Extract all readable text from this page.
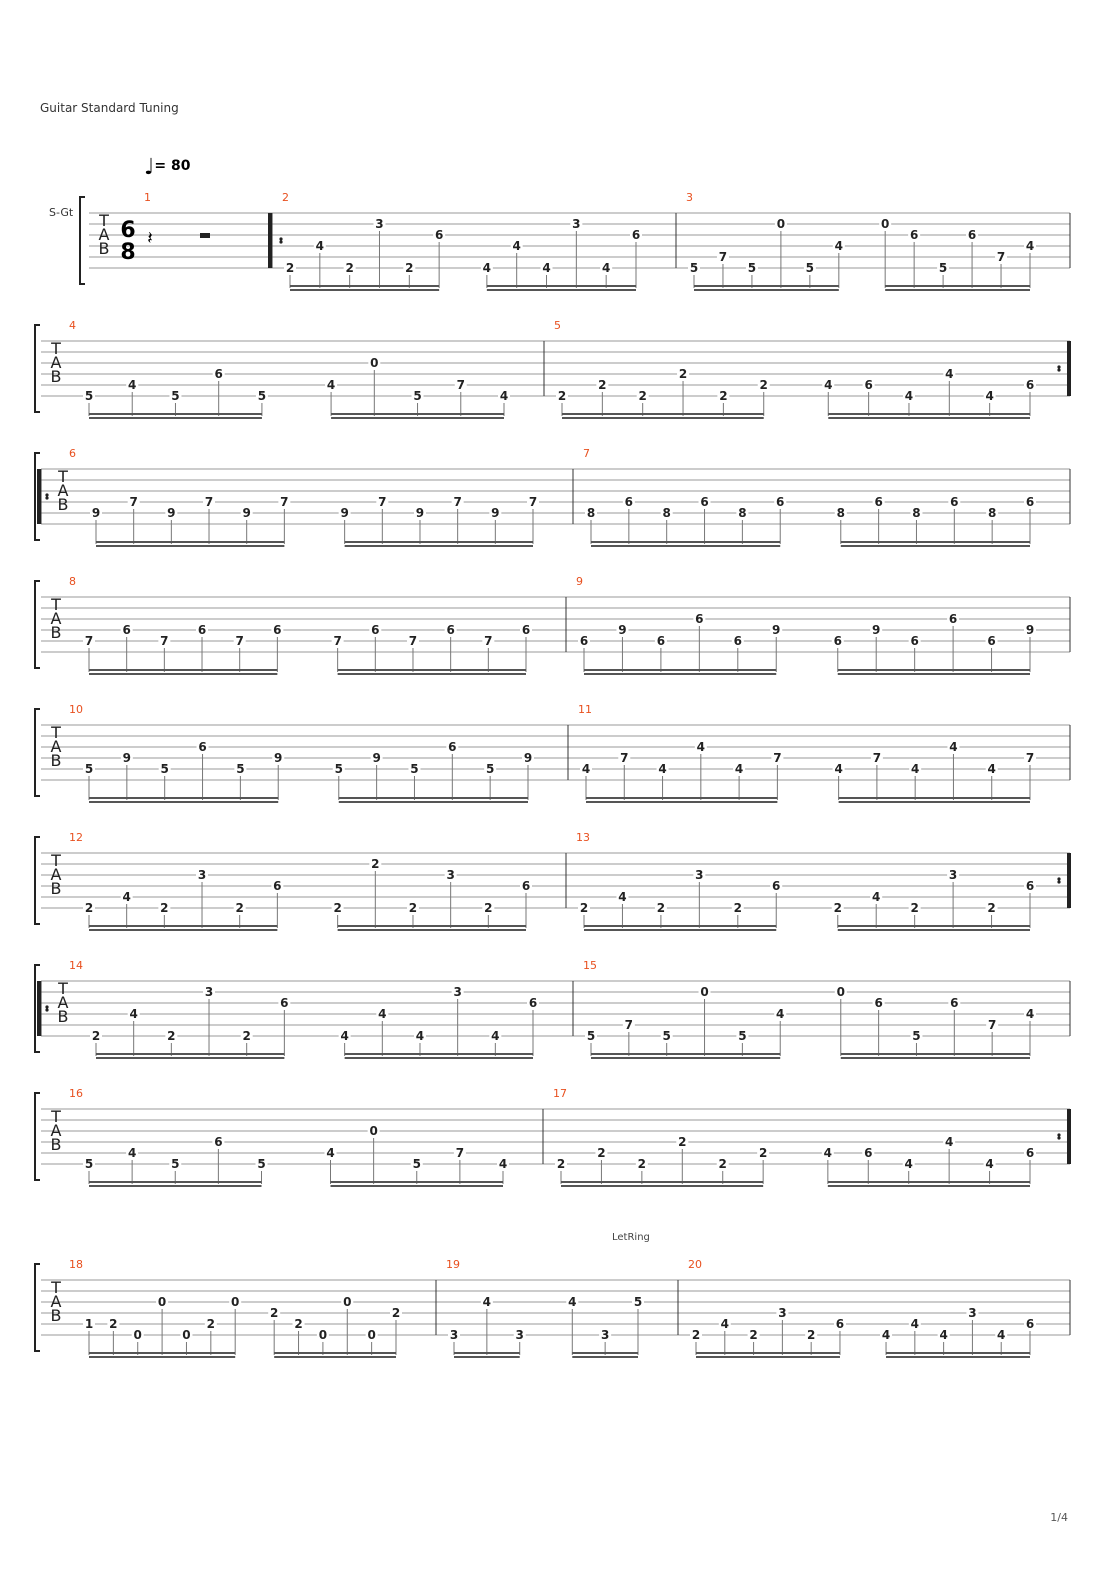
Guitar Standard Tuning
♩= 80
S-Gt
LetRing
1/4
T
A
B
6
8
𝄽
1	2
2
4
2
3
2
6
4
4
4
3
4
6
3
5
7
5
0
5
4
0
6
5
6
7
4
T
A
B
4
5
4
5
6
5
4
0
5
7
4
5
2
2
2
2
2
2	4	6
4
4
4
6
T
A
B
6
9
7
9
7
9
7
9
7
9
7
9
7
7
8
6
8
6
8
6
8
6
8
6
8
6
T
A
B
8
7
6
7
6
7
6
7
6
7
6
7
6
9
6
9
6
6
6
9
6
9
6
6
6
9
T
A
B
10
5
9
5
6
5
9
5
9
5
6
5
9
11
4
7
4
4
4
7
4
7
4
4
4
7
T
A
B
12
2
4
2
3
2
6
2
2
2
3
2
6
13
2
4
2
3
2
6
2
4
2
3
2
6
T
A
B
14
2
4
2
3
2
6
4
4
4
3
4
6
15
5
7
5
0
5
4
0
6
5
6
7
4
T
A
B
16
5
4
5
6
5
4
0
5
7
4
17
2
2
2
2
2
2	4	6
4
4
4
6
T
A
B
18
1 2
0
0
0
2
0
2
2
0
0
0
2
19
3
4
3
4
3
5
20
2
4
2
3
2
6
4
4
4
3
4
6
